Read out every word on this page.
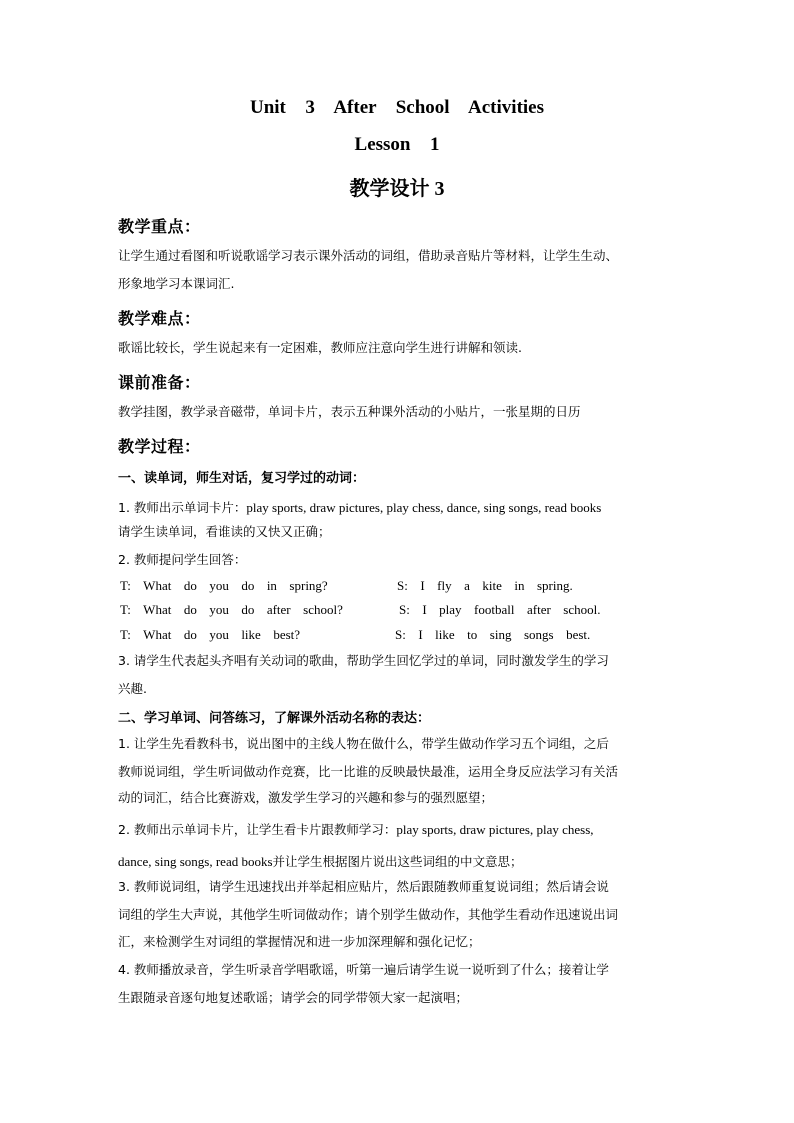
Unit  3  After  School  Activities
Lesson  1
教学设计 3
教学重点：
让学生通过看图和听说歌谣学习表示课外活动的词组，借助录音贴片等材料，让学生生动、
形象地学习本课词汇.
教学难点：
歌谣比较长，学生说起来有一定困难，教师应注意向学生进行讲解和领读.
课前准备：
教学挂图，教学录音磁带，单词卡片，表示五种课外活动的小贴片，一张星期的日历
教学过程：
一、读单词，师生对话，复习学过的动词：
1. 教师出示单词卡片：play sports, draw pictures, play chess, dance, sing songs, read books
请学生读单词，看谁读的又快又正确；
2. 教师提问学生回答：
T:  What  do  you  do  in  spring?	S:  I  fly  a  kite  in  spring.
T:  What  do  you  do  after  school?	S:  I  play  football  after  school.
T:  What  do  you  like  best?	S:  I  like  to  sing  songs  best.
3. 请学生代表起头齐唱有关动词的歌曲，帮助学生回忆学过的单词，同时激发学生的学习
兴趣.
二、学习单词、问答练习，了解课外活动名称的表达：
1. 让学生先看教科书，说出图中的主线人物在做什么，带学生做动作学习五个词组，之后
教师说词组，学生听词做动作竞赛，比一比谁的反映最快最准，运用全身反应法学习有关活
动的词汇，结合比赛游戏，激发学生学习的兴趣和参与的强烈愿望；
2. 教师出示单词卡片，让学生看卡片跟教师学习：play sports, draw pictures, play chess,
dance, sing songs, read books并让学生根据图片说出这些词组的中文意思；
3. 教师说词组，请学生迅速找出并举起相应贴片，然后跟随教师重复说词组；然后请会说
词组的学生大声说，其他学生听词做动作；请个别学生做动作，其他学生看动作迅速说出词
汇，来检测学生对词组的掌握情况和进一步加深理解和强化记忆；
4. 教师播放录音，学生听录音学唱歌谣，听第一遍后请学生说一说听到了什么；接着让学
生跟随录音逐句地复述歌谣；请学会的同学带领大家一起演唱；
